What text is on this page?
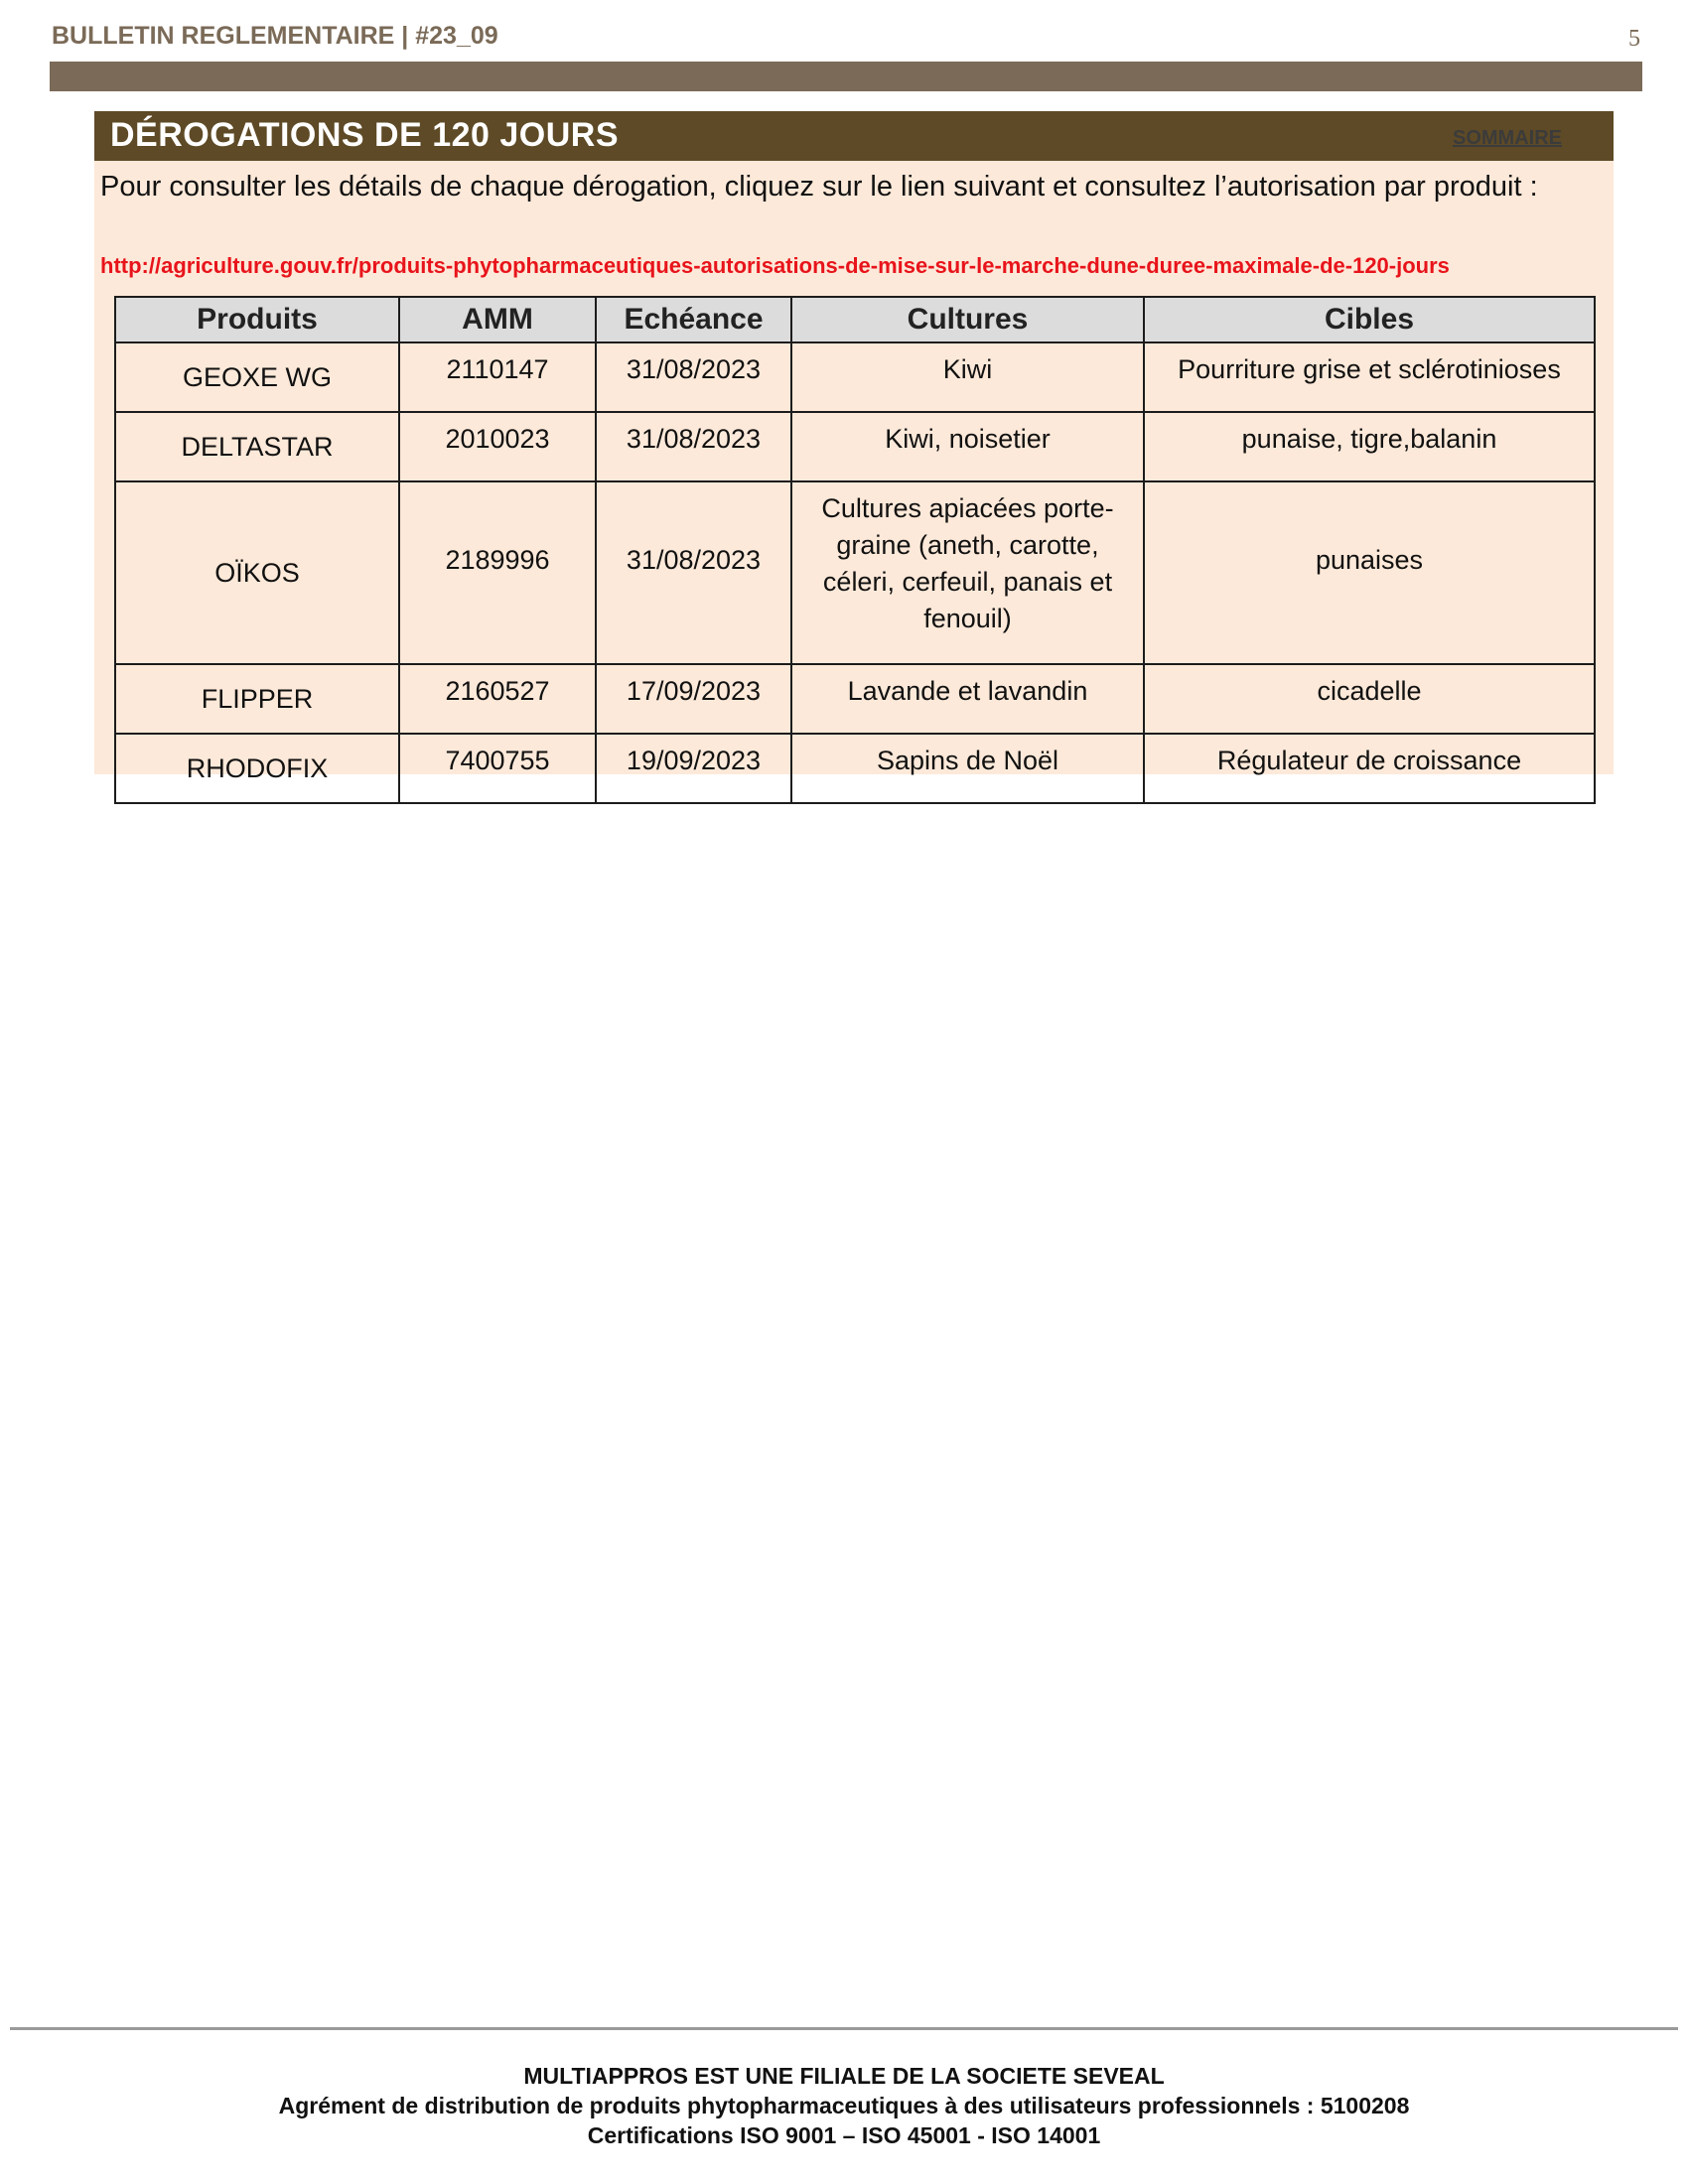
BULLETIN REGLEMENTAIRE | #23_09	5
DÉROGATIONS DE 120 JOURS	SOMMAIRE
Pour consulter les détails de chaque dérogation, cliquez sur le lien suivant et consultez l’autorisation par produit :
http://agriculture.gouv.fr/produits-phytopharmaceutiques-autorisations-de-mise-sur-le-marche-dune-duree-maximale-de-120-jours
Produits	AMM	Echéance	Cultures	Cibles
GEOXE WG	2110147	31/08/2023	Kiwi	Pourriture grise et sclérotinioses
DELTASTAR	2010023	31/08/2023	Kiwi, noisetier	punaise, tigre,balanin
OÏKOS	2189996	31/08/2023	Cultures apiacées porte-graine (aneth, carotte, céleri, cerfeuil, panais et fenouil)	punaises
FLIPPER	2160527	17/09/2023	Lavande et lavandin	cicadelle
RHODOFIX	7400755	19/09/2023	Sapins de Noël	Régulateur de croissance
MULTIAPPROS EST UNE FILIALE DE LA SOCIETE SEVEAL
Agrément de distribution de produits phytopharmaceutiques à des utilisateurs professionnels : 5100208
Certifications ISO 9001 – ISO 45001 - ISO 14001
